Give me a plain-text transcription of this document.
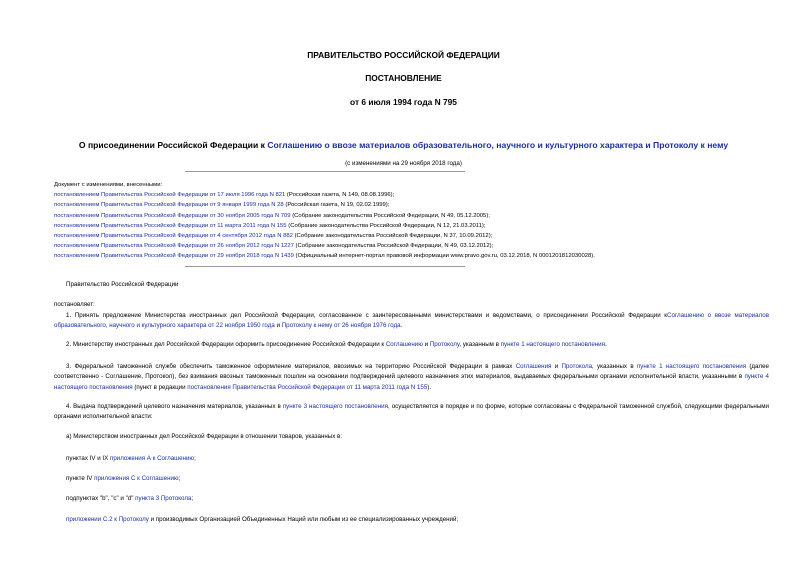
ПРАВИТЕЛЬСТВО РОССИЙСКОЙ ФЕДЕРАЦИИ
ПОСТАНОВЛЕНИЕ
от 6 июля 1994 года N 795
О присоединении Российской Федерации к Соглашению о ввозе материалов образовательного, научного и культурного характера и Протоколу к нему
(с изменениями на 29 ноября 2018 года)
Документ с изменениями, внесенными:
постановлением Правительства Российской Федерации от 17 июля 1996 года N 821 (Российская газета, N 149, 08.08.1996);
постановлением Правительства Российской Федерации от 9 января 1999 года N 28 (Российская газета, N 19, 02.02.1999);
постановлением Правительства Российской Федерации от 30 ноября 2005 года N 709 (Собрание законодательства Российской Федерации, N 49, 05.12.2005);
постановлением Правительства Российской Федерации от 11 марта 2011 года N 155 (Собрание законодательства Российской Федерации, N 12, 21.03.2011);
постановлением Правительства Российской Федерации от 4 сентября 2012 года N 882 (Собрание законодательства Российской Федерации, N 37, 10.09.2012);
постановлением Правительства Российской Федерации от 26 ноября 2012 года N 1227 (Собрание законодательства Российской Федерации, N 49, 03.12.2012);
постановлением Правительства Российской Федерации от 29 ноября 2018 года N 1439 (Официальный интернет-портал правовой информации www.pravo.gov.ru, 03.12.2018, N 0001201812030028).
Правительство Российской Федерации
постановляет:
1. Принять предложение Министерства иностранных дел Российской Федерации, согласованное с заинтересованными министерствами и ведомствами, о присоединении Российской Федерации кСоглашению о ввозе материалов образовательного, научного и культурного характера от 22 ноября 1950 года и Протоколу к нему от 26 ноября 1976 года.
2. Министерству иностранных дел Российской Федерации оформить присоединение Российской Федерации к Соглашению и Протоколу, указанным в пункте 1 настоящего постановления.
3. Федеральной таможенной службе обеспечить таможенное оформление материалов, ввозимых на территорию Российской Федерации в рамках Соглашения и Протокола, указанных в пункте 1 настоящего постановления (далее соответственно - Соглашение, Протокол), без взимания ввозных таможенных пошлин на основании подтверждений целевого назначения этих материалов, выдаваемых федеральными органами исполнительной власти, указанными в пункте 4 настоящего постановления (пункт в редакции постановления Правительства Российской Федерации от 11 марта 2011 года N 155).
4. Выдача подтверждений целевого назначения материалов, указанных в пункте 3 настоящего постановления, осуществляется в порядке и по форме, которые согласованы с Федеральной таможенной службой, следующими федеральными органами исполнительной власти:
а) Министерством иностранных дел Российской Федерации в отношении товаров, указанных в:
пунктах IV и IX приложения А к Соглашению;
пункте IV приложения С к Соглашению;
подпунктах "b", "c" и "d" пункта 3 Протокола;
приложении С.2 к Протоколу и производимых Организацией Объединенных Наций или любым из ее специализированных учреждений;
